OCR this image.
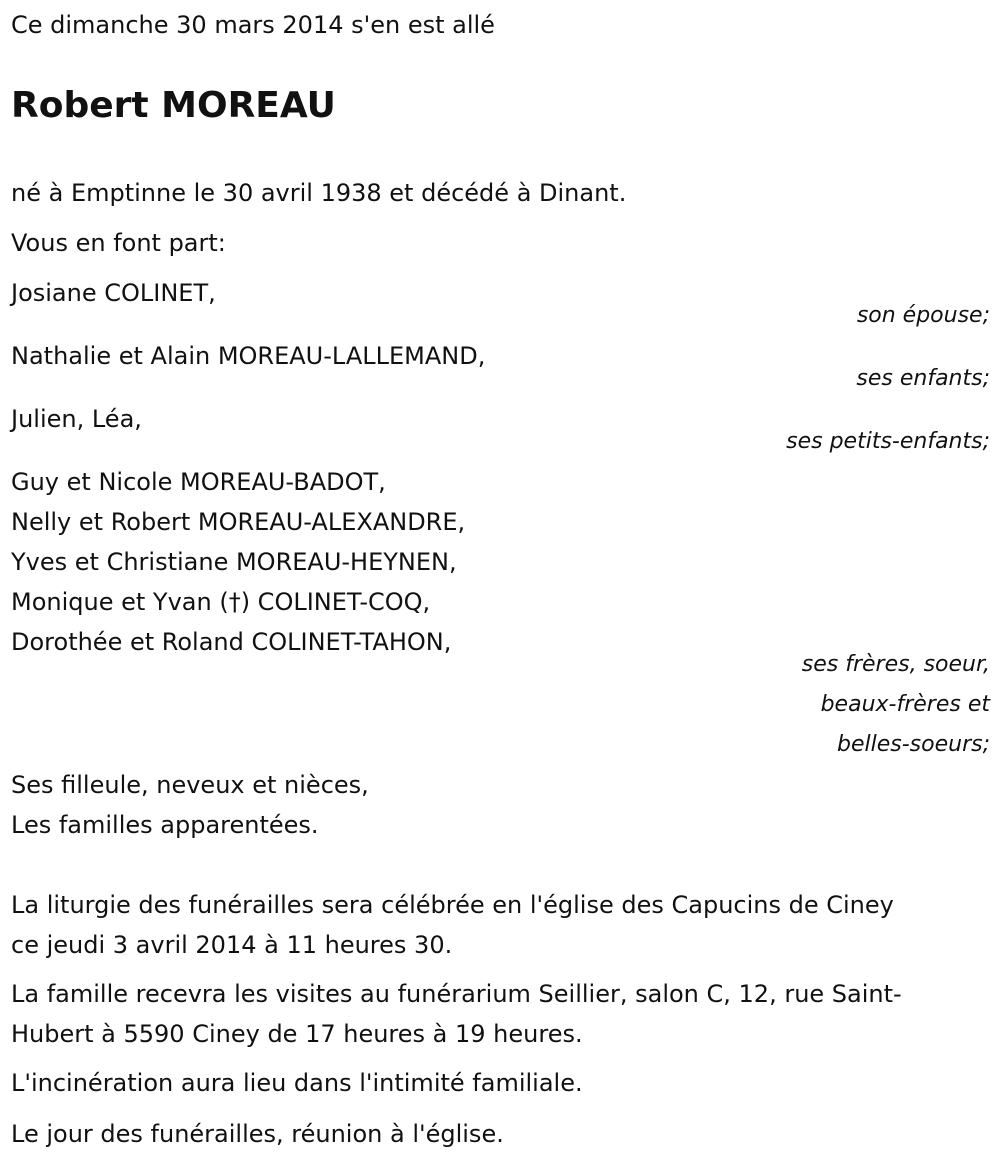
Ce dimanche 30 mars 2014 s'en est allé
Robert MOREAU
né à Emptinne le 30 avril 1938 et décédé à Dinant.
Vous en font part:
Josiane COLINET,
son épouse;
Nathalie et Alain MOREAU-LALLEMAND,
ses enfants;
Julien, Léa,
ses petits-enfants;
Guy et Nicole MOREAU-BADOT,
Nelly et Robert MOREAU-ALEXANDRE,
Yves et Christiane MOREAU-HEYNEN,
Monique et Yvan (†) COLINET-COQ,
Dorothée et Roland COLINET-TAHON,
ses frères, soeur,
beaux-frères et
belles-soeurs;
Ses filleule, neveux et nièces,
Les familles apparentées.
La liturgie des funérailles sera célébrée en l'église des Capucins de Ciney
ce jeudi 3 avril 2014 à 11 heures 30.
La famille recevra les visites au funérarium Seillier, salon C, 12, rue Saint-
Hubert à 5590 Ciney de 17 heures à 19 heures.
L'incinération aura lieu dans l'intimité familiale.
Le jour des funérailles, réunion à l'église.
